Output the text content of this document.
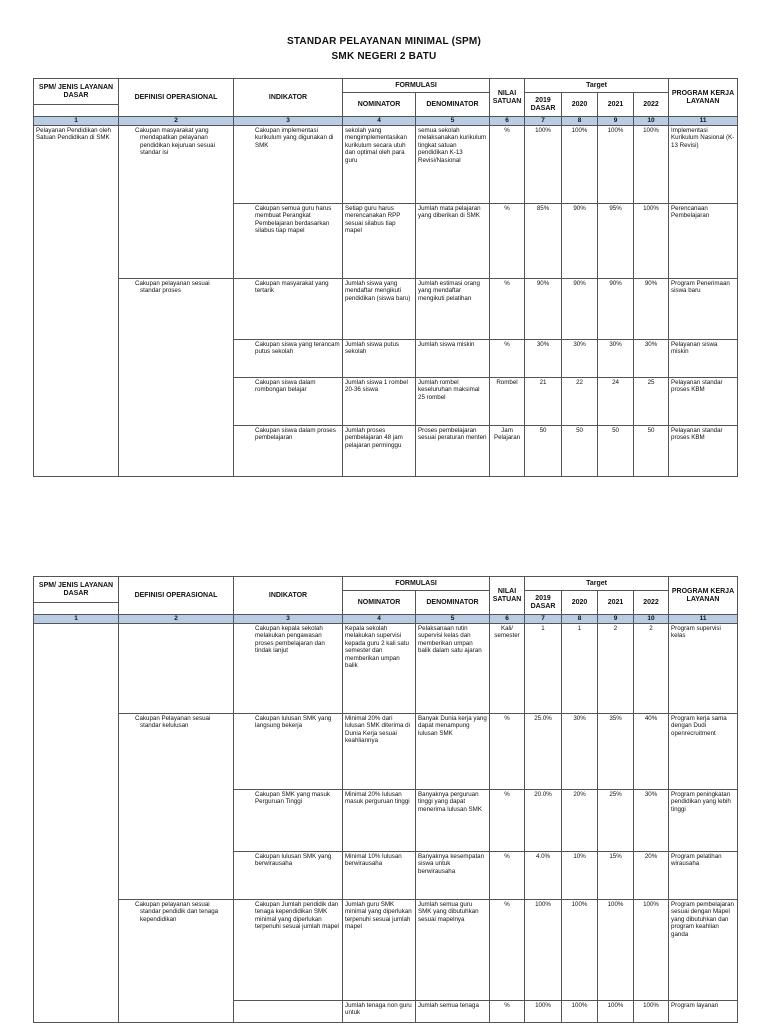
STANDAR PELAYANAN MINIMAL (SPM)
SMK NEGERI 2 BATU
SPM/ JENIS LAYANAN DASAR	DEFINISI OPERASIONAL	INDIKATOR	FORMULASI		NILAI SATUAN	Target				PROGRAM KERJA LAYANAN
			NOMINATOR	DENOMINATOR		2019 DASAR	2020	2021	2022	

1	2	3	4	5	6	7	8	9	10	11
Pelayanan Pendidikan oleh Satuan Pendidikan di SMK	Cakupan masyarakat yang mendapatkan pelayanan pendidikan kejuruan sesuai standar isi	Cakupan implementasi kurikulum yang digunakan di SMK	sekolah yang mengimplementasikan kurikulum secara utuh dan optimal oleh para guru	semua sekolah melaksanakan kurikulum tingkat satuan pendidikan K-13 Revisi/Nasional	%	100%	100%	100%	100%	Implementasi Kurikulum Nasional (K-13 Revisi)

		Cakupan semua guru harus membuat Perangkat Pembelajaran berdasarkan silabus tiap mapel	Setiap guru harus merencanakan RPP sesuai silabus tiap mapel	Jumlah mata pelajaran yang diberikan di SMK	%	85%	90%	95%	100%	Perencanaan Pembelajaran

	Cakupan pelayanan sesuai standar proses	Cakupan masyarakat yang tertarik	Jumlah siswa yang mendaftar mengikuti pendidikan (siswa baru)	Jumlah estimasi orang yang mendaftar mengikuti pelatihan	%	90%	90%	90%	90%	Program Penerimaan siswa baru

		Cakupan siswa yang terancam putus sekolah	Jumlah siswa putus sekolah	Jumlah siswa miskin	%	30%	30%	30%	30%	Pelayanan siswa miskin

		Cakupan siswa dalam rombongan belajar	Jumlah siswa 1 rombel 20-36 siswa	Jumlah rombel keseluruhan maksimal 25 rombel	Rombel	21	22	24	25	Pelayanan standar proses KBM

		Cakupan siswa dalam proses pembelajaran	Jumlah proses pembelajaran 48 jam pelajaran perminggu	Proses pembelajaran sesuai peraturan menteri	Jam Pelajaran	50	50	50	50	Pelayanan standar proses KBM
SPM/ JENIS LAYANAN DASAR	DEFINISI OPERASIONAL	INDIKATOR	FORMULASI		NILAI SATUAN	Target				PROGRAM KERJA LAYANAN
			NOMINATOR	DENOMINATOR		2019 DASAR	2020	2021	2022	

1	2	3	4	5	6	7	8	9	10	11

		Cakupan kepala sekolah melakukan pengawasan proses pembelajaran dan tindak lanjut	Kepala sekolah melakukan supervisi kepada guru 2 kali satu semester dan memberikan umpan balik	Pelaksanaan rutin supervisi kelas dan memberikan umpan balik dalam satu ajaran	Kali/ semester	1	1	2	2	Program supervisi kelas

	Cakupan Pelayanan sesuai standar kelulusan	Cakupan lulusan SMK yang langsung bekerja	Minimal 20% dari lulusan SMK diterima di Dunia Kerja sesuai keahliannya	Banyak Dunia kerja yang dapat menampung lulusan SMK	%	25.0%	30%	35%	40%	Program kerja sama dengan Dudi openrecruitment

		Cakupan SMK yang masuk Perguruan Tinggi	Minimal 20% lulusan masuk perguruan tinggi	Banyaknya perguruan tinggi yang dapat menerima lulusan SMK	%	20.0%	20%	25%	30%	Program peningkatan pendidikan yang lebih tinggi

		Cakupan lulusan SMK yang berwirausaha	Minimal 10% lulusan berwirausaha	Banyaknya kesempatan siswa untuk berwirausaha	%	4.0%	10%	15%	20%	Program pelatihan wirausaha

	Cakupan pelayanan sesuai standar pendidik dan tenaga kependidikan	Cakupan Jumlah pendidik dan tenaga kependidikan SMK minimal yang diperlukan terpenuhi sesuai jumlah mapel	Jumlah guru SMK minimal yang diperlukan terpenuhi sesuai jumlah mapel	Jumlah semua guru SMK yang dibutuhkan sesuai mapelnya	%	100%	100%	100%	100%	Program pembelajaran sesuai dengan Mapel yang dibutuhkan dan program keahlian ganda

			Jumlah tenaga non guru untuk	Jumlah semua tenaga	%	100%	100%	100%	100%	Program layanan
